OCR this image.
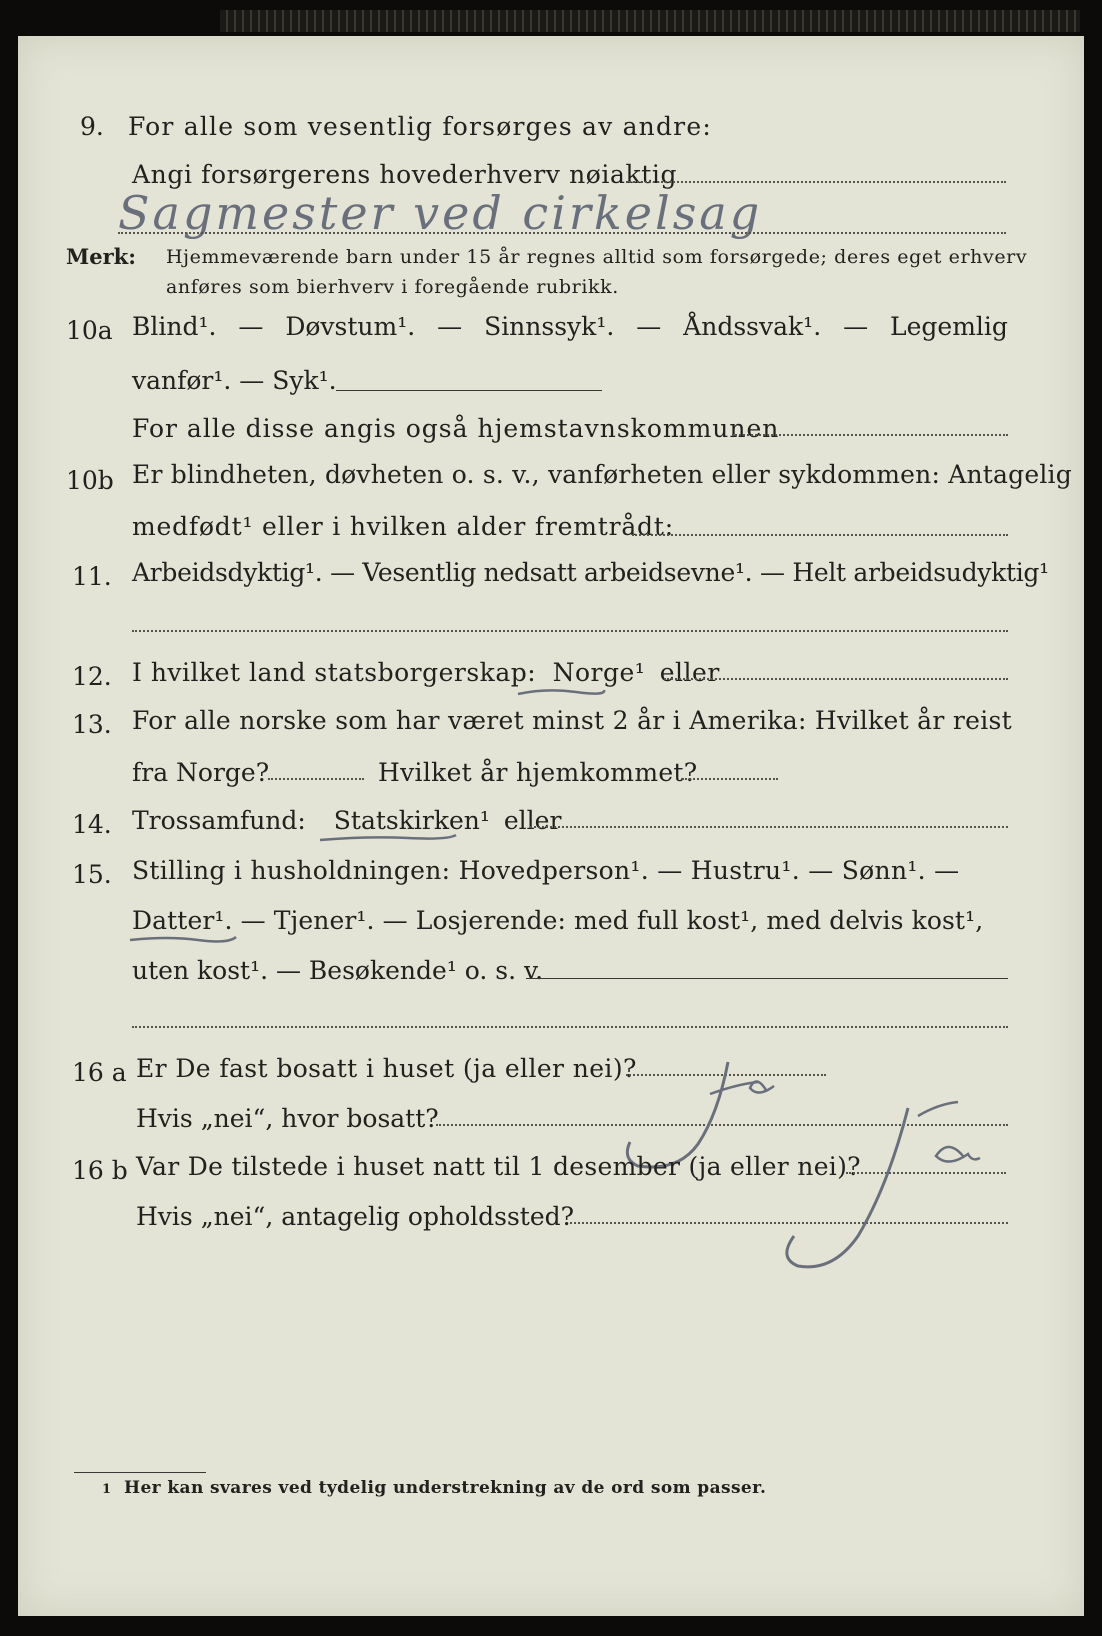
9. For alle som vesentlig forsørges av andre:
Angi forsørgerens hovederhverv nøiaktig
Sagmester ved cirkelsag
Merk: Hjemmeværende barn under 15 år regnes alltid som forsørgede; deres eget erhverv
anføres som bierhverv i foregående rubrikk.
10a Blind¹. — Døvstum¹. — Sinnssyk¹. — Åndssvak¹. — Legemlig
vanfør¹. — Syk¹.
For alle disse angis også hjemstavnskommunen
10b Er blindheten, døvheten o. s. v., vanførheten eller sykdommen: Antagelig
medfødt¹ eller i hvilken alder fremtrådt:
11. Arbeidsdyktig¹. — Vesentlig nedsatt arbeidsevne¹. — Helt arbeidsudyktig¹
12. I hvilket land statsborgerskap: Norge¹ eller
13. For alle norske som har været minst 2 år i Amerika: Hvilket år reist
fra Norge?	Hvilket år hjemkommet?
14. Trossamfund: Statskirken¹ eller
15. Stilling i husholdningen: Hovedperson¹. — Hustru¹. — Sønn¹. —
Datter¹. — Tjener¹. — Losjerende: med full kost¹, med delvis kost¹,
uten kost¹. — Besøkende¹ o. s. v.
16 a Er De fast bosatt i huset (ja eller nei)?
Hvis „nei“, hvor bosatt?
16 b Var De tilstede i huset natt til 1 desember (ja eller nei)?
Hvis „nei“, antagelig opholdssted?
1 Her kan svares ved tydelig understrekning av de ord som passer.
